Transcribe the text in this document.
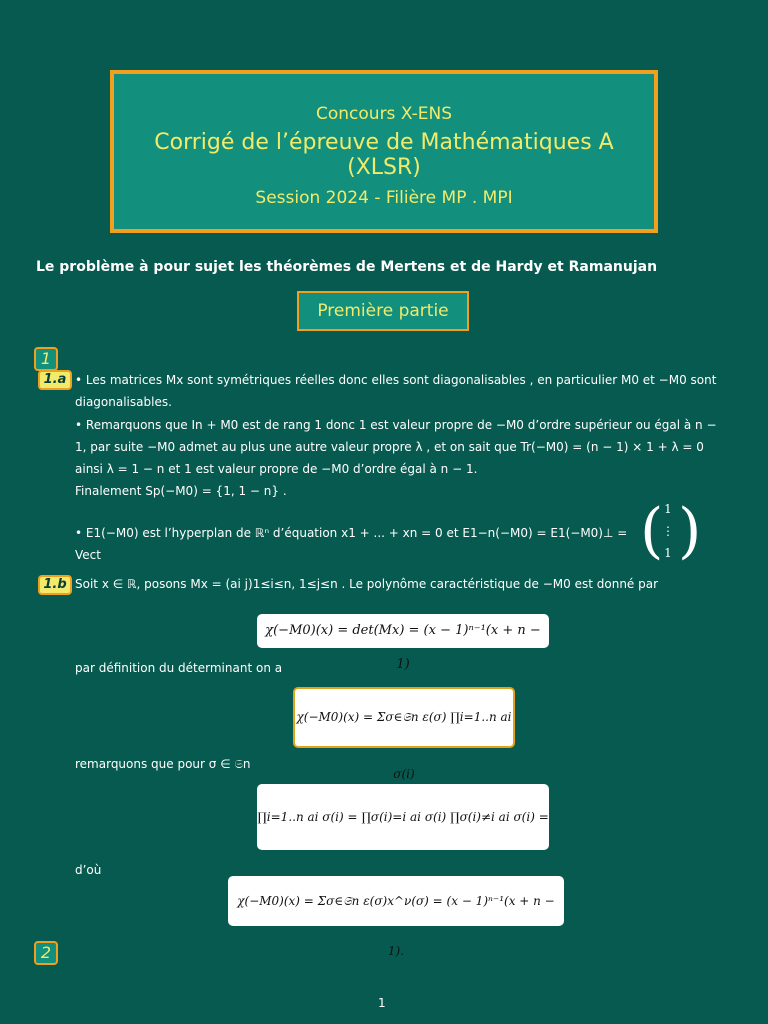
Concours X-ENS
Corrigé de l’épreuve de Mathématiques A (XLSR)
Session 2024 - Filière MP . MPI
Le problème à pour sujet les théorèmes de Mertens et de Hardy et Ramanujan
Première partie
1
1.a • Les matrices Mx sont symétriques réelles donc elles sont diagonalisables , en particulier M0 et −M0 sont diagonalisables.
• Remarquons que In + M0 est de rang 1 donc 1 est valeur propre de −M0 d’ordre supérieur ou égal à n − 1, par suite −M0 admet au plus une autre valeur propre λ , et on sait que Tr(−M0) = (n − 1) × 1 + λ = 0 ainsi λ = 1 − n et 1 est valeur propre de −M0 d’ordre égal à n − 1.
Finalement Sp(−M0) = {1, 1 − n} .
• E1(−M0) est l’hyperplan de ℝⁿ d’équation x1 + ... + xn = 0 et E1−n(−M0) = E1(−M0)⊥ = Vect	( 1
⋮
1 )
1.b Soit x ∈ ℝ, posons Mx = (ai j)1≤i≤n, 1≤j≤n . Le polynôme caractéristique de −M0 est donné par
χ(−M0)(x) = det(Mx) = (x − 1)ⁿ⁻¹(x + n − 1)
par définition du déterminant on a
χ(−M0)(x) = Σσ∈𝔖n ε(σ) ∏i=1..n ai σ(i)
remarquons que pour σ ∈ 𝔖n
∏i=1..n ai σ(i) = ∏σ(i)=i ai σ(i) ∏σ(i)≠i ai σ(i) =
d’où
χ(−M0)(x) = Σσ∈𝔖n ε(σ)x^ν(σ) = (x − 1)ⁿ⁻¹(x + n − 1).
2
1
